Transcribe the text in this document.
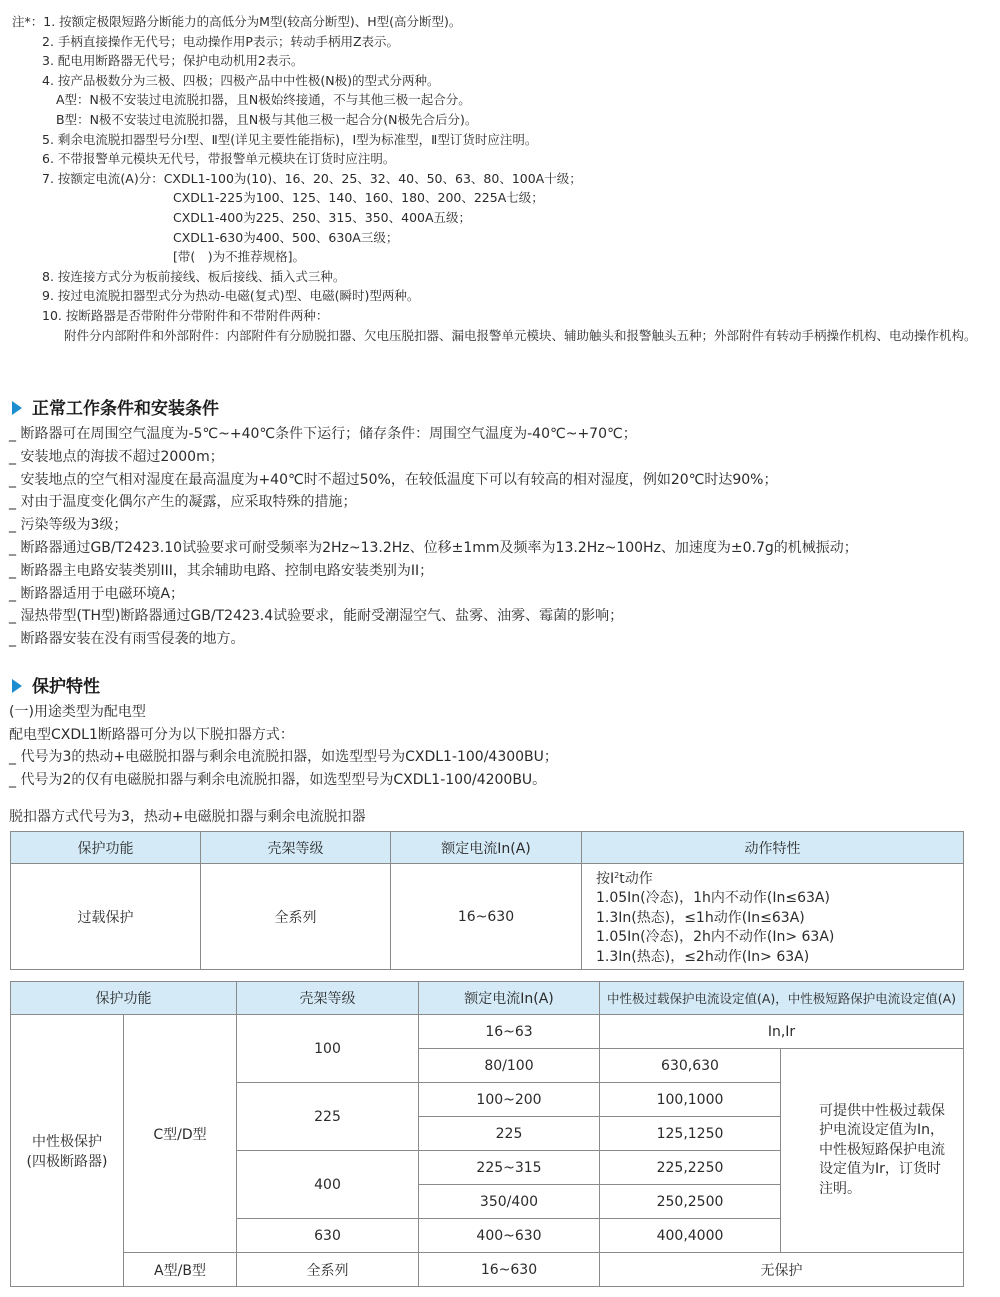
注*：1. 按额定极限短路分断能力的高低分为M型(较高分断型)、H型(高分断型)。
2. 手柄直接操作无代号；电动操作用P表示；转动手柄用Z表示。
3. 配电用断路器无代号；保护电动机用2表示。
4. 按产品极数分为三极、四极；四极产品中中性极(N极)的型式分两种。
A型：N极不安装过电流脱扣器，且N极始终接通，不与其他三极一起合分。
B型：N极不安装过电流脱扣器，且N极与其他三极一起合分(N极先合后分)。
5. 剩余电流脱扣器型号分Ⅰ型、Ⅱ型(详见主要性能指标)，Ⅰ型为标准型，Ⅱ型订货时应注明。
6. 不带报警单元模块无代号，带报警单元模块在订货时应注明。
7. 按额定电流(A)分：CXDL1-100为(10)、16、20、25、32、40、50、63、80、100A十级；
CXDL1-225为100、125、140、160、180、200、225A七级；
CXDL1-400为225、250、315、350、400A五级；
CXDL1-630为400、500、630A三级；
[带(　)为不推荐规格]。
8. 按连接方式分为板前接线、板后接线、插入式三种。
9. 按过电流脱扣器型式分为热动-电磁(复式)型、电磁(瞬时)型两种。
10. 按断路器是否带附件分带附件和不带附件两种：
附件分内部附件和外部附件：内部附件有分励脱扣器、欠电压脱扣器、漏电报警单元模块、辅助触头和报警触头五种；外部附件有转动手柄操作机构、电动操作机构。
正常工作条件和安装条件
_ 断路器可在周围空气温度为-5℃~+40℃条件下运行；储存条件：周围空气温度为-40℃~+70℃；
_ 安装地点的海拔不超过2000m；
_ 安装地点的空气相对湿度在最高温度为+40℃时不超过50%，在较低温度下可以有较高的相对湿度，例如20℃时达90%；
_ 对由于温度变化偶尔产生的凝露，应采取特殊的措施；
_ 污染等级为3级；
_ 断路器通过GB/T2423.10试验要求可耐受频率为2Hz~13.2Hz、位移±1mm及频率为13.2Hz~100Hz、加速度为±0.7g的机械振动；
_ 断路器主电路安装类别III，其余辅助电路、控制电路安装类别为II；
_ 断路器适用于电磁环境A；
_ 湿热带型(TH型)断路器通过GB/T2423.4试验要求，能耐受潮湿空气、盐雾、油雾、霉菌的影响；
_ 断路器安装在没有雨雪侵袭的地方。
保护特性
(一)用途类型为配电型
配电型CXDL1断路器可分为以下脱扣器方式：
_ 代号为3的热动+电磁脱扣器与剩余电流脱扣器，如选型型号为CXDL1-100/4300BU；
_ 代号为2的仅有电磁脱扣器与剩余电流脱扣器，如选型型号为CXDL1-100/4200BU。
脱扣器方式代号为3，热动+电磁脱扣器与剩余电流脱扣器
保护功能	壳架等级	额定电流In(A)	动作特性
过载保护	全系列	16~630	按$I^2t$动作
1.05In(冷态)，1h内不动作(In≤63A)
1.3In(热态)，≤1h动作(In≤63A)
1.05In(冷态)，2h内不动作(In> 63A)
1.3In(热态)，≤2h动作(In> 63A)
保护功能		壳架等级	额定电流In(A)	中性极过载保护电流设定值(A)，中性极短路保护电流设定值(A)	

中性极保护
(四极断路器)	C型/D型	100	16~63	In,Ir	
			80/100	630,630	可提供中性极过载保护电流设定值为In，中性极短路保护电流设定值为Ir，订货时注明。
		225	100~200	100,1000	
			225	125,1250	
		400	225~315	225,2250	
			350/400	250,2500	
		630	400~630	400,4000	
	A型/B型	全系列	16~630	无保护	
